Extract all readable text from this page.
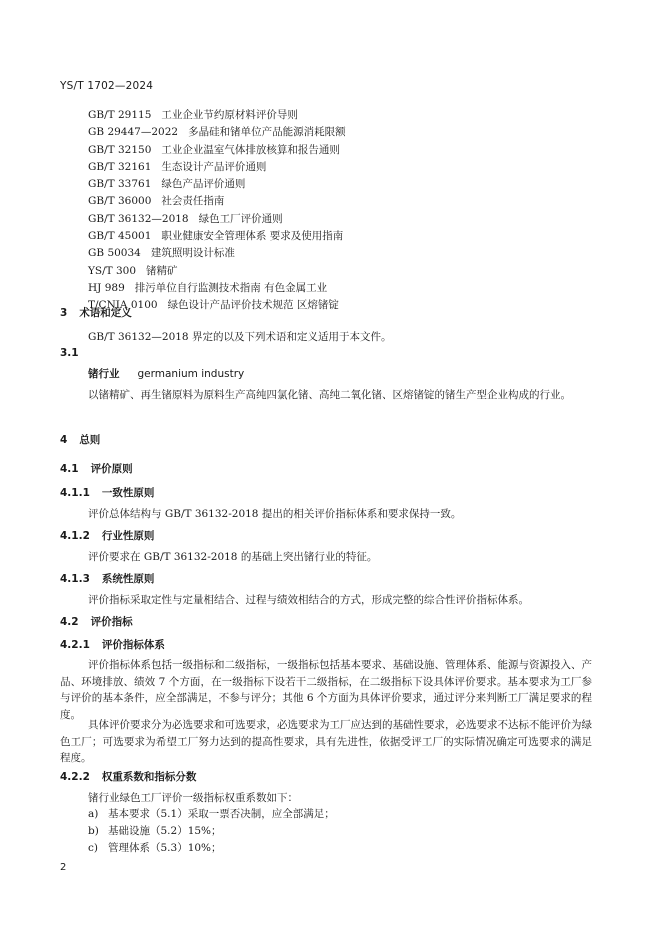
YS/T 1702—2024
GB/T 29115 工业企业节约原材料评价导则
GB 29447—2022 多晶硅和锗单位产品能源消耗限额
GB/T 32150 工业企业温室气体排放核算和报告通则
GB/T 32161 生态设计产品评价通则
GB/T 33761 绿色产品评价通则
GB/T 36000 社会责任指南
GB/T 36132—2018 绿色工厂评价通则
GB/T 45001 职业健康安全管理体系 要求及使用指南
GB 50034 建筑照明设计标准
YS/T 300 锗精矿
HJ 989 排污单位自行监测技术指南 有色金属工业
T/CNIA 0100 绿色设计产品评价技术规范 区熔锗锭
3 术语和定义
GB/T 36132—2018 界定的以及下列术语和定义适用于本文件。
3.1
锗行业 germanium industry
以锗精矿、再生锗原料为原料生产高纯四氯化锗、高纯二氧化锗、区熔锗锭的锗生产型企业构成的行业。
4 总则
4.1 评价原则
4.1.1 一致性原则
评价总体结构与 GB/T 36132-2018 提出的相关评价指标体系和要求保持一致。
4.1.2 行业性原则
评价要求在 GB/T 36132-2018 的基础上突出锗行业的特征。
4.1.3 系统性原则
评价指标采取定性与定量相结合、过程与绩效相结合的方式，形成完整的综合性评价指标体系。
4.2 评价指标
4.2.1 评价指标体系
评价指标体系包括一级指标和二级指标，一级指标包括基本要求、基础设施、管理体系、能源与资源投入、产品、环境排放、绩效 7 个方面，在一级指标下设若干二级指标，在二级指标下设具体评价要求。基本要求为工厂参与评价的基本条件，应全部满足，不参与评分；其他 6 个方面为具体评价要求，通过评分来判断工厂满足要求的程度。
具体评价要求分为必选要求和可选要求，必选要求为工厂应达到的基础性要求，必选要求不达标不能评价为绿色工厂；可选要求为希望工厂努力达到的提高性要求，具有先进性，依据受评工厂的实际情况确定可选要求的满足程度。
4.2.2 权重系数和指标分数
锗行业绿色工厂评价一级指标权重系数如下：
a) 基本要求（5.1）采取一票否决制，应全部满足；
b) 基础设施（5.2）15%；
c) 管理体系（5.3）10%；
2
